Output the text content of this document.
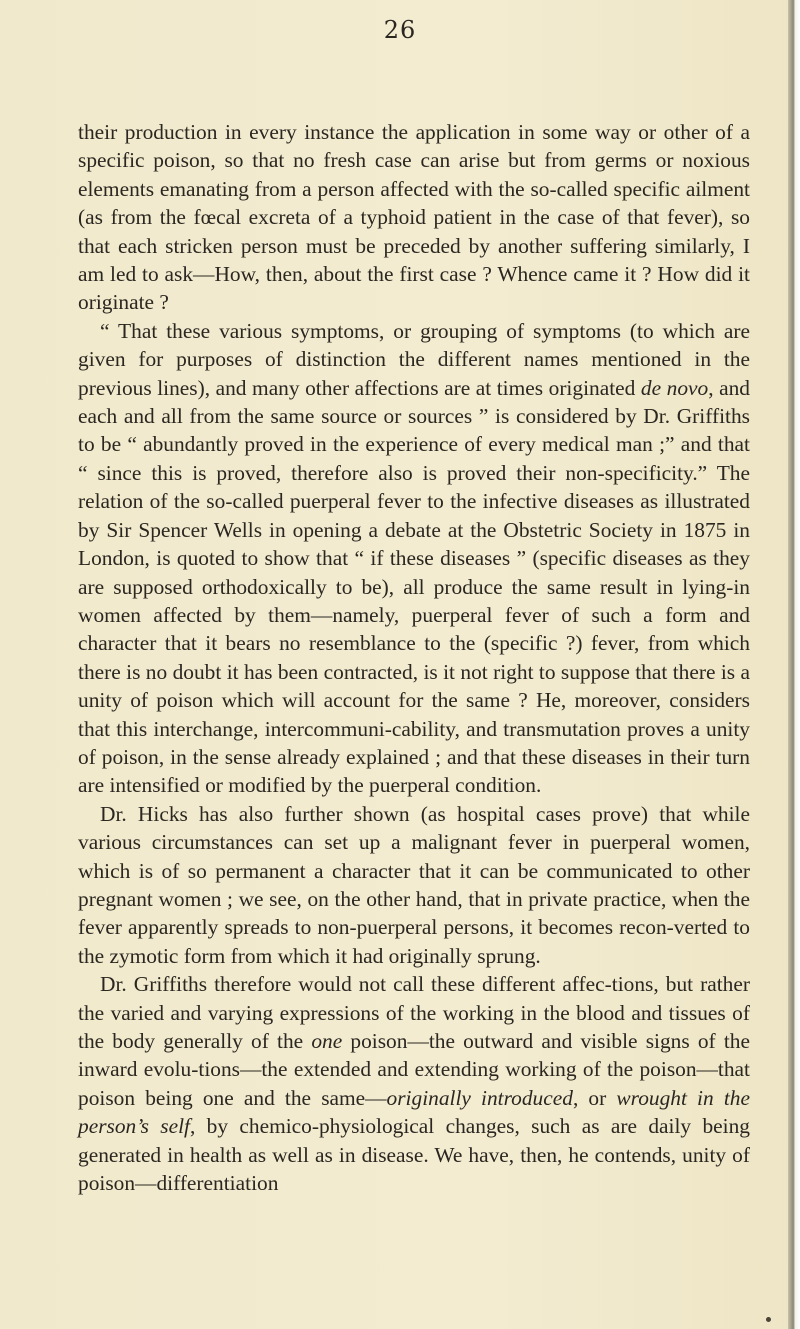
26

their production in every instance the application in some way or other of a specific poison, so that no fresh case can arise but from germs or noxious elements emanating from a person affected with the so-called specific ailment (as from the fœcal excreta of a typhoid patient in the case of that fever), so that each stricken person must be preceded by another suffering similarly, I am led to ask—How, then, about the first case ? Whence came it ? How did it originate ?

“ That these various symptoms, or grouping of symptoms (to which are given for purposes of distinction the different names mentioned in the previous lines), and many other affections are at times originated de novo, and each and all from the same source or sources ” is considered by Dr. Griffiths to be “ abundantly proved in the experience of every medical man ;” and that “ since this is proved, therefore also is proved their non-specificity.” The relation of the so-called puerperal fever to the infective diseases as illustrated by Sir Spencer Wells in opening a debate at the Obstetric Society in 1875 in London, is quoted to show that “ if these diseases ” (specific diseases as they are supposed orthodoxically to be), all produce the same result in lying-in women affected by them—namely, puerperal fever of such a form and character that it bears no resemblance to the (specific ?) fever, from which there is no doubt it has been contracted, is it not right to suppose that there is a unity of poison which will account for the same ? He, moreover, considers that this interchange, intercommuni-cability, and transmutation proves a unity of poison, in the sense already explained ; and that these diseases in their turn are intensified or modified by the puerperal condition.

Dr. Hicks has also further shown (as hospital cases prove) that while various circumstances can set up a malignant fever in puerperal women, which is of so permanent a character that it can be communicated to other pregnant women ; we see, on the other hand, that in private practice, when the fever apparently spreads to non-puerperal persons, it becomes recon-verted to the zymotic form from which it had originally sprung.

Dr. Griffiths therefore would not call these different affec-tions, but rather the varied and varying expressions of the working in the blood and tissues of the body generally of the one poison—the outward and visible signs of the inward evolu-tions—the extended and extending working of the poison—that poison being one and the same—originally introduced, or wrought in the person’s self, by chemico-physiological changes, such as are daily being generated in health as well as in disease. We have, then, he contends, unity of poison—differentiation
